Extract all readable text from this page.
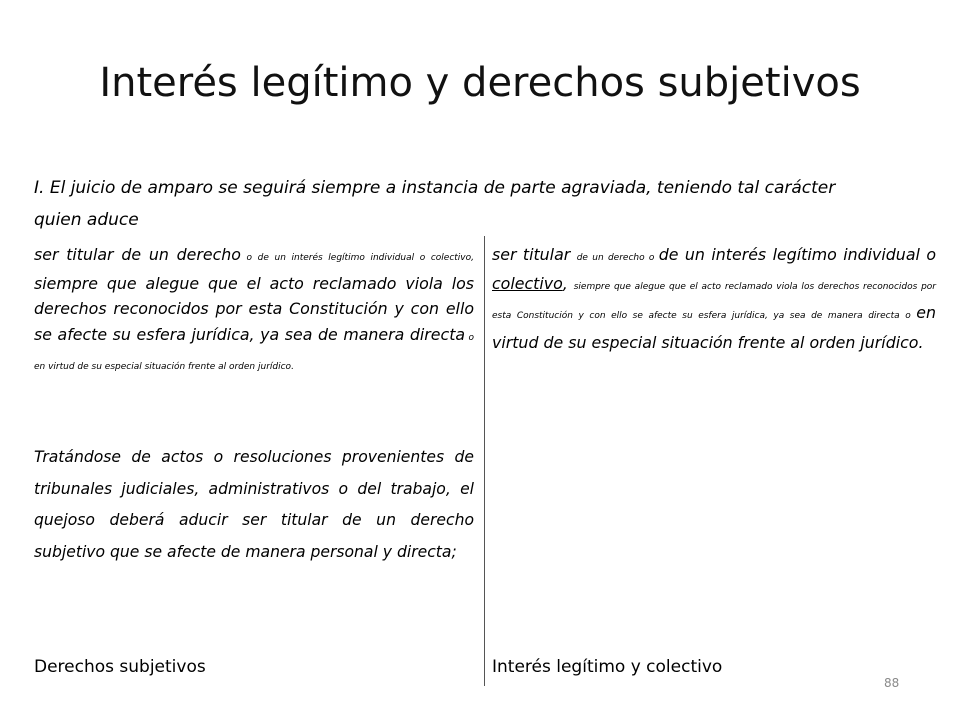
Interés legítimo y derechos subjetivos

I. El juicio de amparo se seguirá siempre a instancia de parte agraviada, teniendo tal carácter quien aduce

ser titular de un derecho o de un interés legítimo individual o colectivo, siempre que alegue que el acto reclamado viola los derechos reconocidos por esta Constitución y con ello se afecte su esfera jurídica, ya sea de manera directa o en virtud de su especial situación frente al orden jurídico.

ser titular de un derecho o de un interés legítimo individual o colectivo, siempre que alegue que el acto reclamado viola los derechos reconocidos por esta Constitución y con ello se afecte su esfera jurídica, ya sea de manera directa o en virtud de su especial situación frente al orden jurídico.

Tratándose de actos o resoluciones provenientes de tribunales judiciales, administrativos o del trabajo, el quejoso deberá aducir ser titular de un derecho subjetivo que se afecte de manera personal y directa;

Derechos subjetivos	Interés legítimo y colectivo

88
